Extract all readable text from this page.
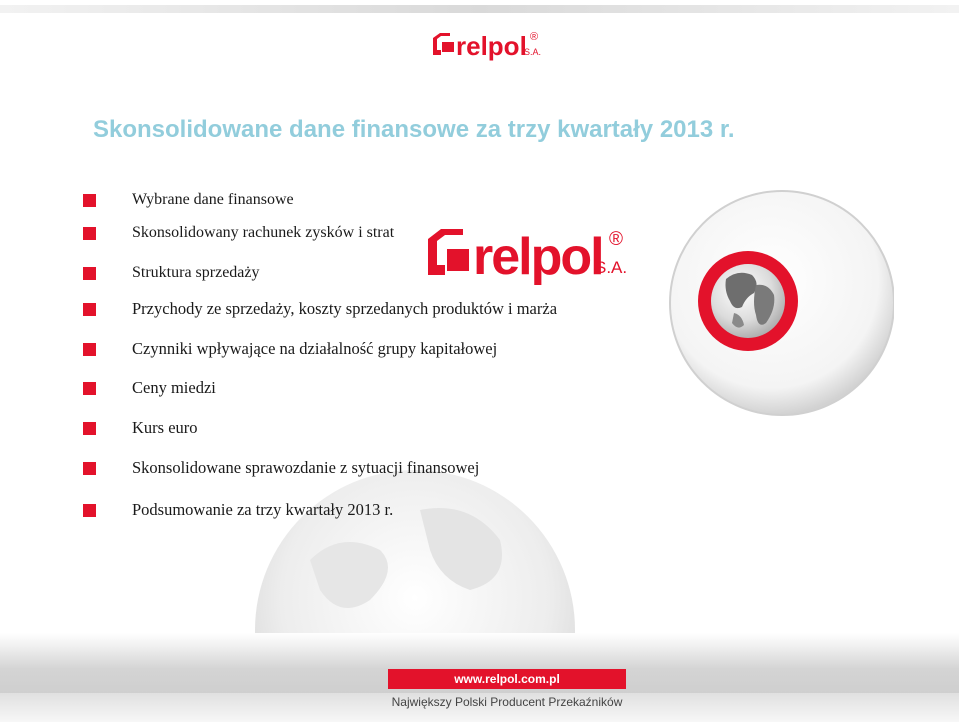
relpol
S.A.
®
Skonsolidowane dane finansowe za trzy kwartały 2013 r.
Wybrane dane finansowe
Skonsolidowany rachunek zysków i strat
Struktura sprzedaży
Przychody ze sprzedaży, koszty sprzedanych produktów i marża
Czynniki wpływające na działalność grupy kapitałowej
Ceny miedzi
Kurs euro
Skonsolidowane sprawozdanie z sytuacji finansowej
Podsumowanie za trzy kwartały 2013 r.
relpol
S.A.
®
www.relpol.com.pl
Największy Polski Producent Przekaźników
